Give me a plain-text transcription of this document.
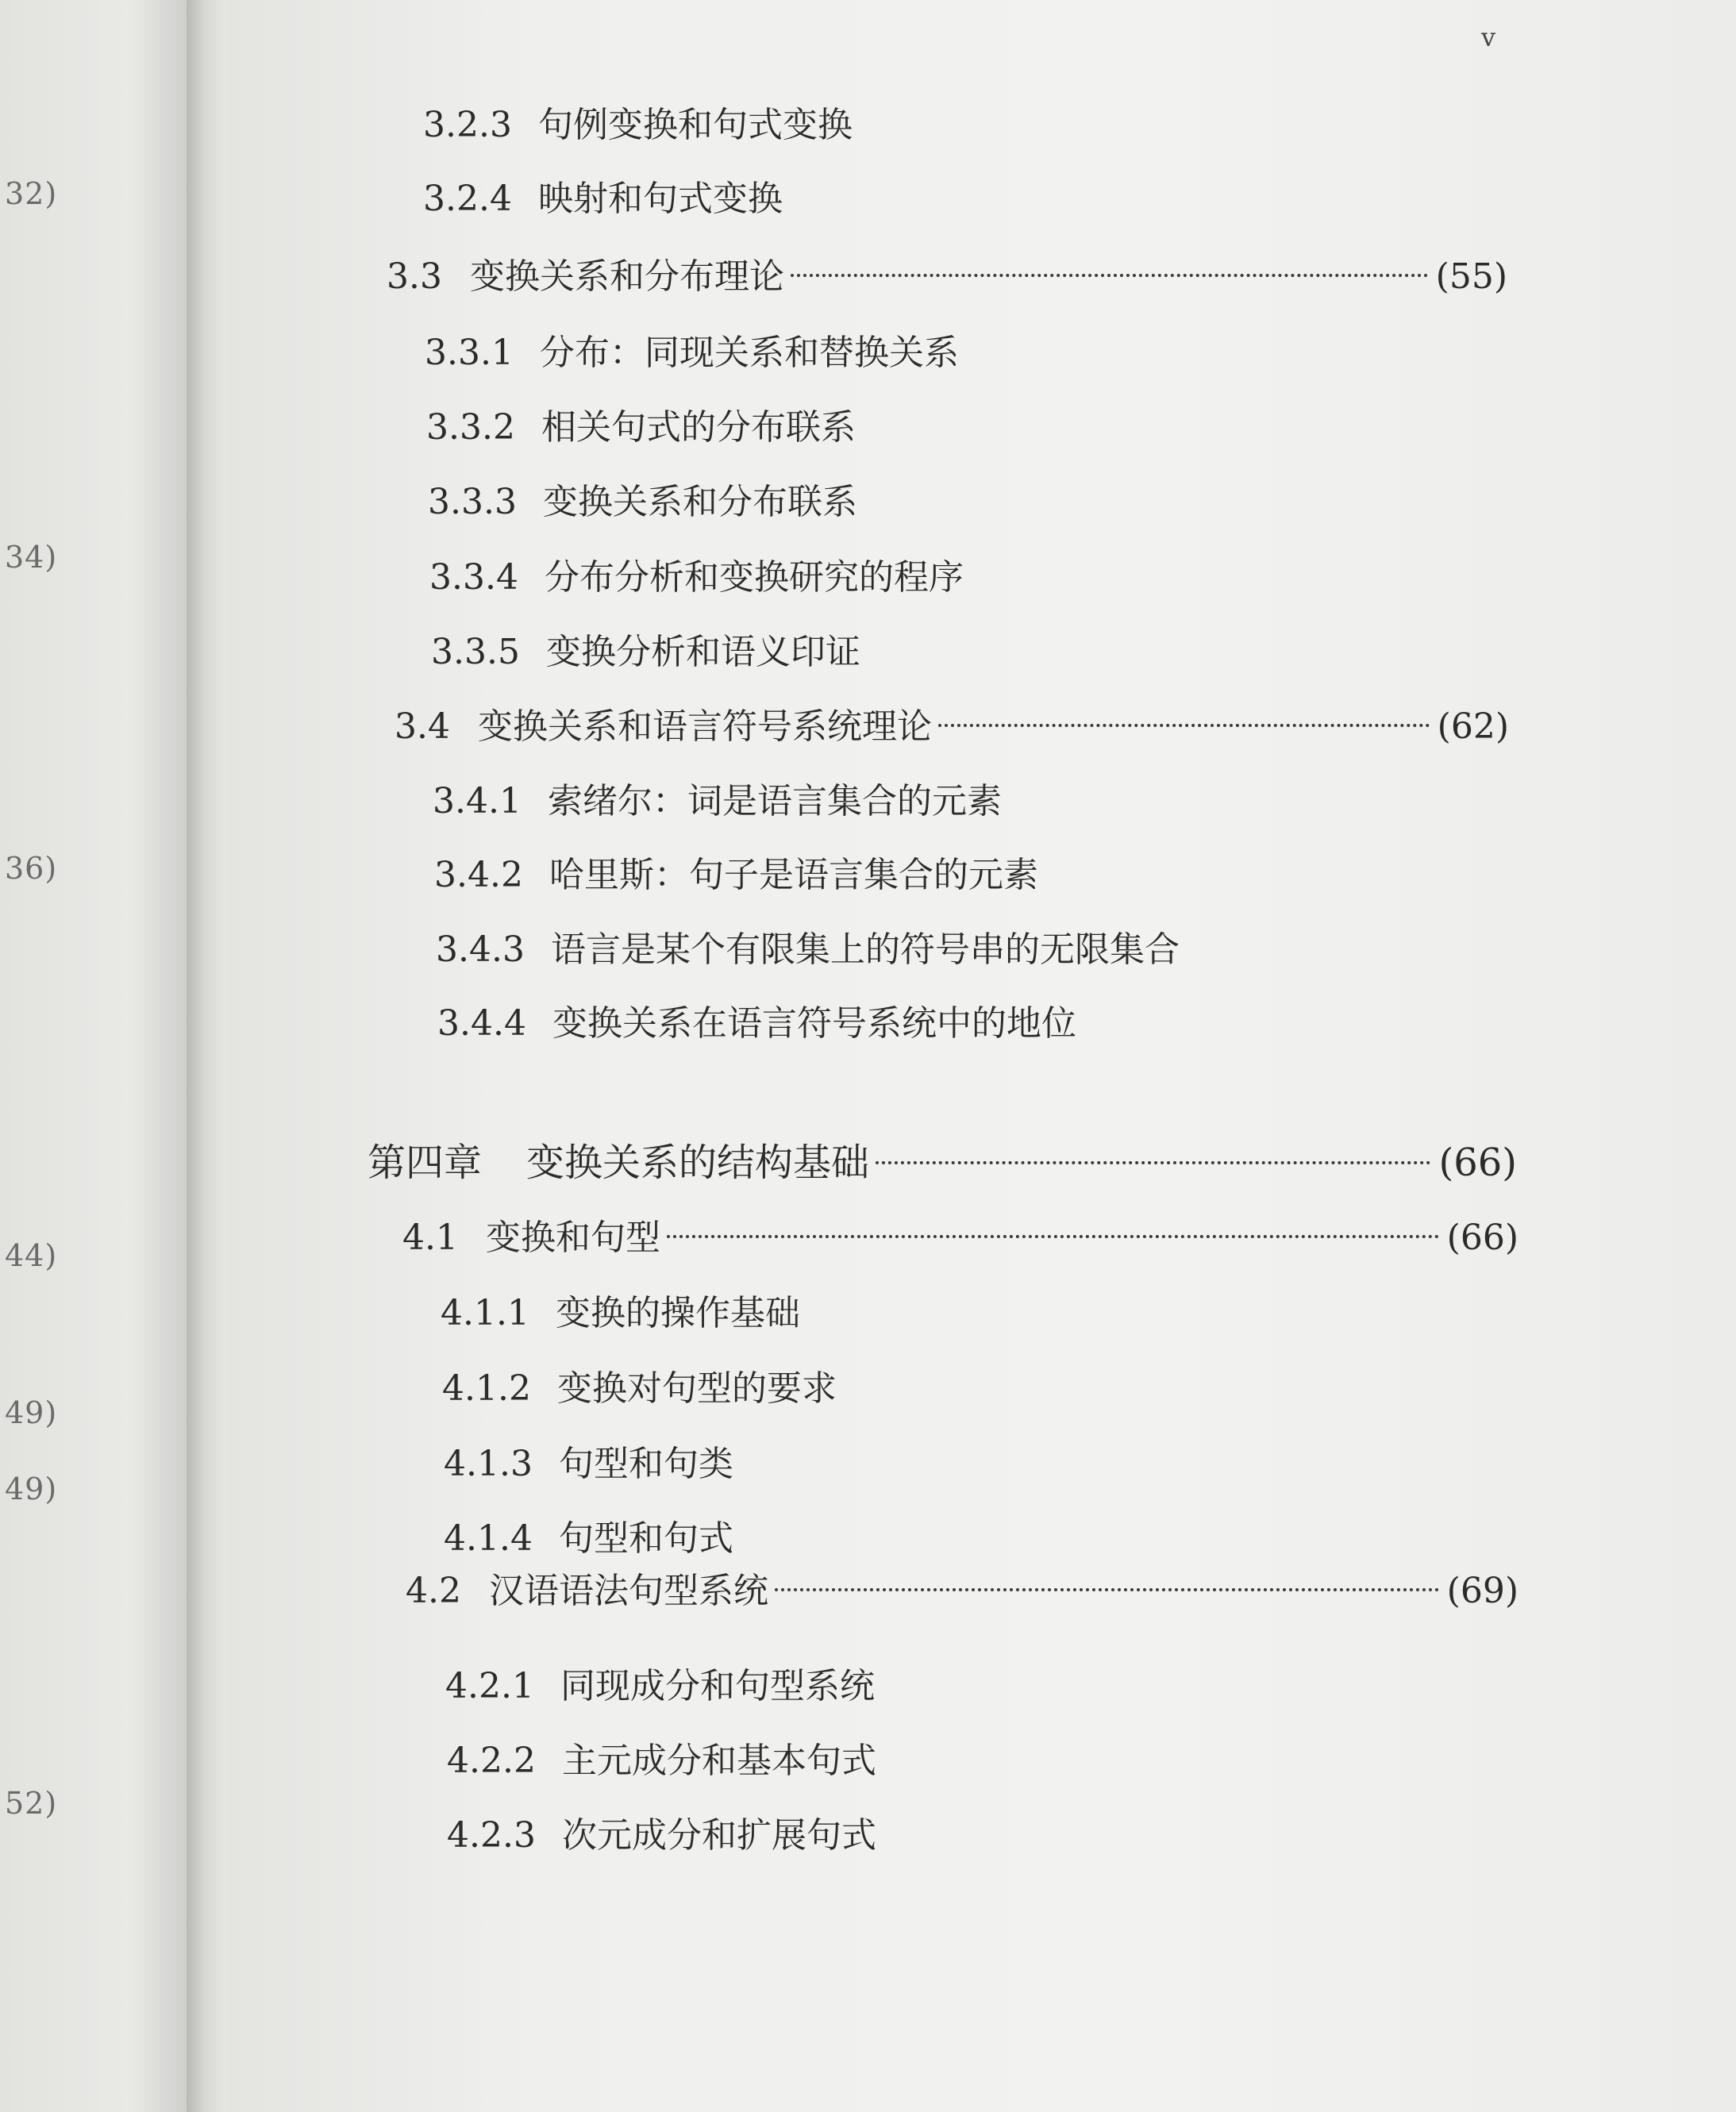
32)
34)
36)
44)
49)
49)
52)
v
3.2.3 句例变换和句式变换
3.2.4 映射和句式变换
3.3 变换关系和分布理论	(55)
3.3.1 分布：同现关系和替换关系
3.3.2 相关句式的分布联系
3.3.3 变换关系和分布联系
3.3.4 分布分析和变换研究的程序
3.3.5 变换分析和语义印证
3.4 变换关系和语言符号系统理论	(62)
3.4.1 索绪尔：词是语言集合的元素
3.4.2 哈里斯：句子是语言集合的元素
3.4.3 语言是某个有限集上的符号串的无限集合
3.4.4 变换关系在语言符号系统中的地位
第四章	变换关系的结构基础	(66)
4.1 变换和句型	(66)
4.1.1 变换的操作基础
4.1.2 变换对句型的要求
4.1.3 句型和句类
4.1.4 句型和句式
4.2 汉语语法句型系统	(69)
4.2.1 同现成分和句型系统
4.2.2 主元成分和基本句式
4.2.3 次元成分和扩展句式
